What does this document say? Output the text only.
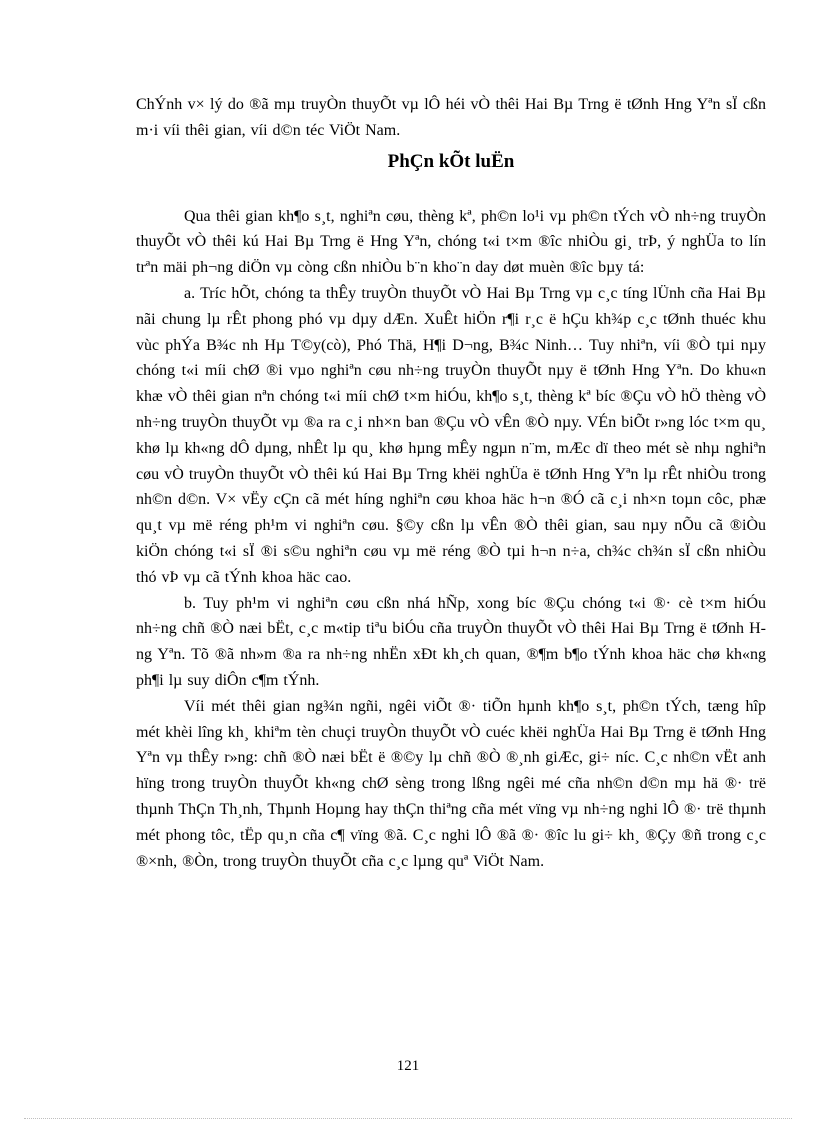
ChÝnh v× lý do ®ã mµ truyÒn thuyÕt vµ lÔ héi vÒ thêi Hai Bµ Trng ë tØnh Hng Yªn sÏ cßn m·i víi thêi gian, víi d©n téc ViÖt Nam.

PhÇn kÕt luËn

Qua thêi gian kh¶o s¸t, nghiªn cøu, thèng kª, ph©n lo¹i vµ ph©n tÝch vÒ nh÷ng truyÒn thuyÕt vÒ thêi kú Hai Bµ Trng ë Hng Yªn, chóng t«i t×m ®îc nhiÒu gi¸ trÞ, ý nghÜa to lín trªn mäi ph¬ng diÖn vµ còng cßn nhiÒu b¨n kho¨n day døt muèn ®îc bµy tá:

a. Tríc hÕt, chóng ta thÊy truyÒn thuyÕt vÒ Hai Bµ Trng vµ c¸c tíng lÜnh cña Hai Bµ nãi chung lµ rÊt phong phó vµ dµy dÆn. XuÊt hiÖn r¶i r¸c ë hÇu kh¾p c¸c tØnh thuéc khu vùc phÝa B¾c nh Hµ T©y(cò), Phó Thä, H¶i D¬ng, B¾c Ninh… Tuy nhiªn, víi ®Ò tµi nµy chóng t«i míi chØ ®i vµo nghiªn cøu nh÷ng truyÒn thuyÕt nµy ë tØnh Hng Yªn. Do khu«n khæ vÒ thêi gian nªn chóng t«i míi chØ t×m hiÓu, kh¶o s¸t, thèng kª bíc ®Çu vÒ hÖ thèng vÒ nh÷ng truyÒn thuyÕt vµ ®a ra c¸i nh×n ban ®Çu vÒ vÊn ®Ò nµy. VÉn biÕt r»ng lóc t×m qu¸ khø lµ kh«ng dÔ dµng, nhÊt lµ qu¸ khø hµng mÊy ngµn n¨m, mÆc dï theo mét sè nhµ nghiªn cøu vÒ truyÒn thuyÕt vÒ thêi kú Hai Bµ Trng khëi nghÜa ë tØnh Hng Yªn lµ rÊt nhiÒu trong nh©n d©n. V× vËy cÇn cã mét híng nghiªn cøu khoa häc h¬n ®Ó cã c¸i nh×n toµn côc, phæ qu¸t vµ më réng ph¹m vi nghiªn cøu. §©y cßn lµ vÊn ®Ò thêi gian, sau nµy nÕu cã ®iÒu kiÖn chóng t«i sÏ ®i s©u nghiªn cøu vµ më réng ®Ò tµi h¬n n÷a, ch¾c ch¾n sÏ cßn nhiÒu thó vÞ vµ cã tÝnh khoa häc cao.

b. Tuy ph¹m vi nghiªn cøu cßn nhá hÑp, xong bíc ®Çu chóng t«i ®· cè t×m hiÓu nh÷ng chñ ®Ò næi bËt, c¸c m«tip tiªu biÓu cña truyÒn thuyÕt vÒ thêi Hai Bµ Trng ë tØnh Hng Yªn. Tõ ®ã nh»m ®a ra nh÷ng nhËn xÐt kh¸ch quan, ®¶m b¶o tÝnh khoa häc chø kh«ng ph¶i lµ suy diÔn c¶m tÝnh.

Víi mét thêi gian ng¾n ngñi, ngêi viÕt ®· tiÕn hµnh kh¶o s¸t, ph©n tÝch, tæng hîp mét khèi lîng kh¸ khiªm tèn chuçi truyÒn thuyÕt vÒ cuéc khëi nghÜa Hai Bµ Trng ë tØnh Hng Yªn vµ thÊy r»ng: chñ ®Ò næi bËt ë ®©y lµ chñ ®Ò ®¸nh giÆc, gi÷ níc. C¸c nh©n vËt anh hïng trong truyÒn thuyÕt kh«ng chØ sèng trong lßng ngêi mé cña nh©n d©n mµ hä ®· trë thµnh ThÇn Th¸nh, Thµnh Hoµng hay thÇn thiªng cña mét vïng vµ nh÷ng nghi lÔ ®· trë thµnh mét phong tôc, tËp qu¸n cña c¶ vïng ®ã. C¸c nghi lÔ ®ã ®· ®îc lu gi÷ kh¸ ®Çy ®ñ trong c¸c ®×nh, ®Òn, trong truyÒn thuyÕt cña c¸c lµng quª ViÖt Nam.

121
